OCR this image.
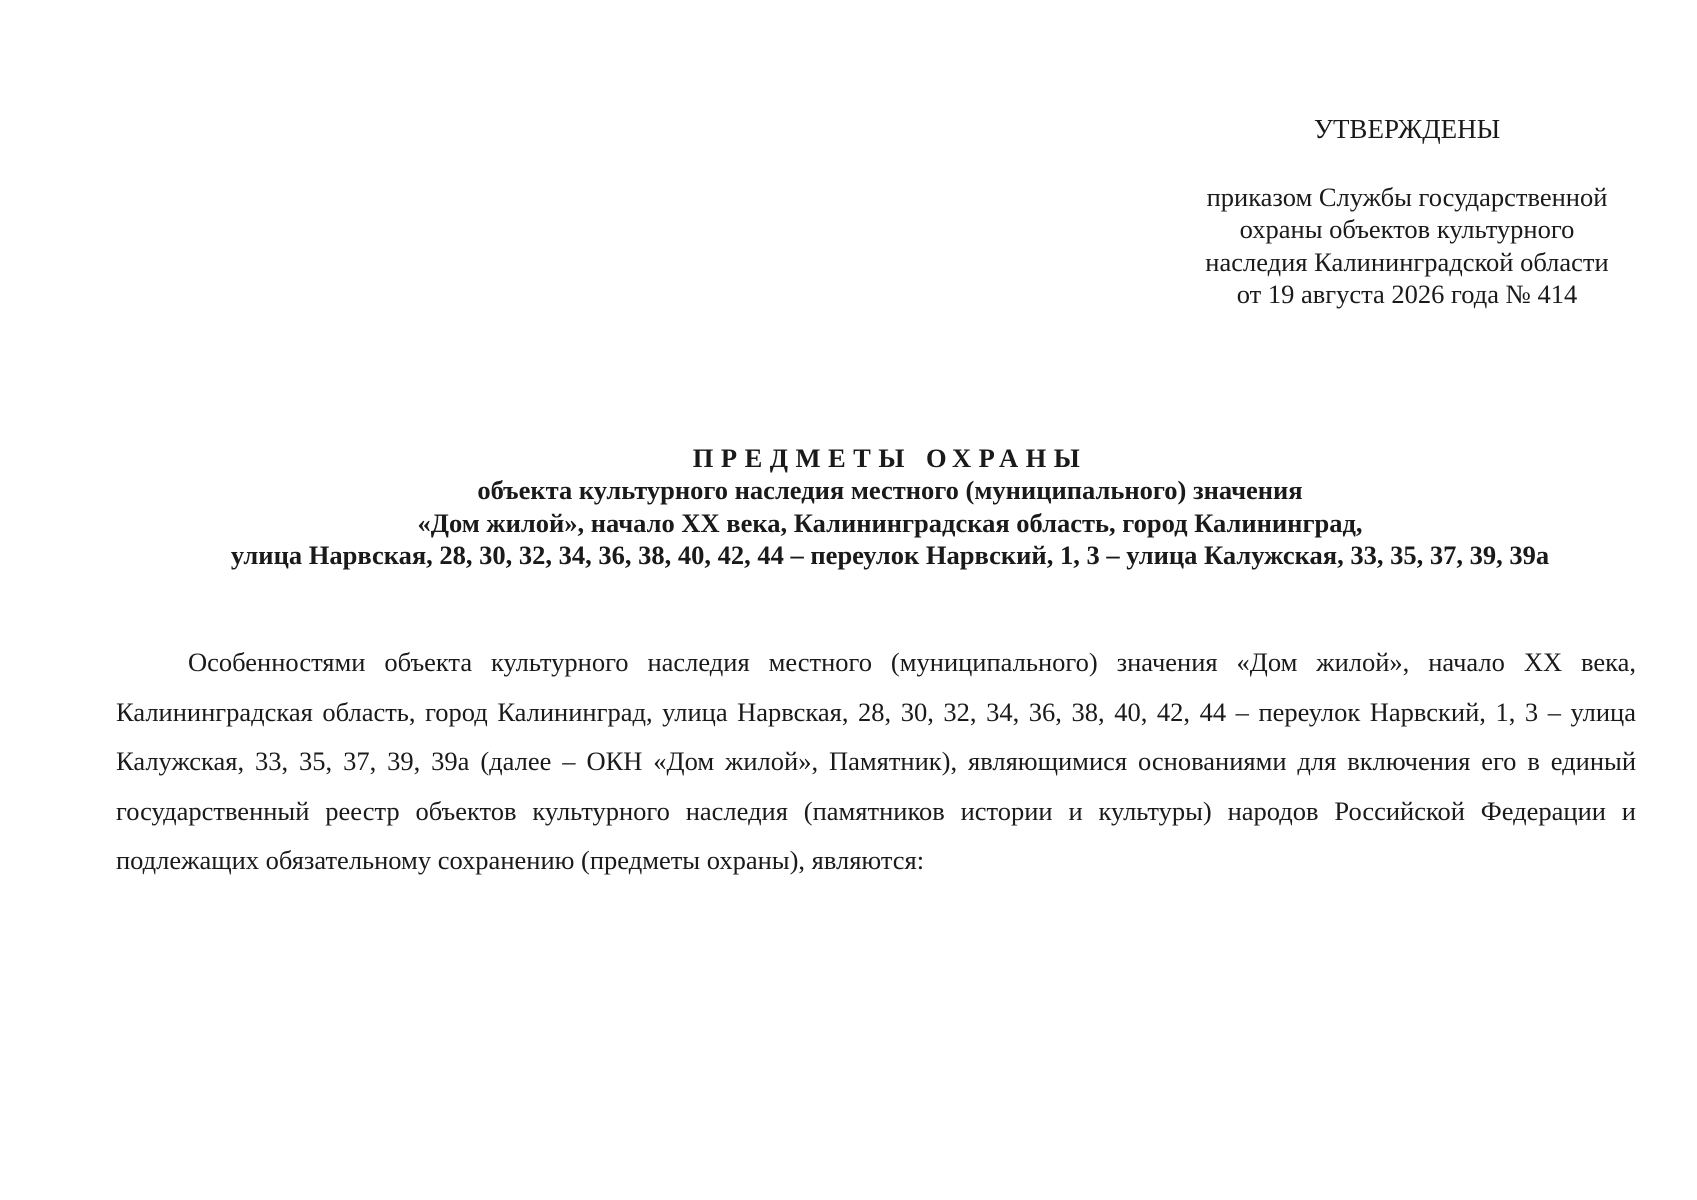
УТВЕРЖДЕНЫ
приказом Службы государственной
охраны объектов культурного
наследия Калининградской области
от 19 августа 2026 года № 414
ПРЕДМЕТЫ ОХРАНЫ
объекта культурного наследия местного (муниципального) значения
«Дом жилой», начало XX века, Калининградская область, город Калининград,
улица Нарвская, 28, 30, 32, 34, 36, 38, 40, 42, 44 – переулок Нарвский, 1, 3 – улица Калужская, 33, 35, 37, 39, 39а

Особенностями объекта культурного наследия местного (муниципального) значения «Дом жилой», начало XX века, Калининградская область, город Калининград, улица Нарвская, 28, 30, 32, 34, 36, 38, 40, 42, 44 – переулок Нарвский, 1, 3 – улица Калужская, 33, 35, 37, 39, 39а (далее – ОКН «Дом жилой», Памятник), являющимися основаниями для включения его в единый государственный реестр объектов культурного наследия (памятников истории и культуры) народов Российской Федерации и подлежащих обязательному сохранению (предметы охраны), являются:
